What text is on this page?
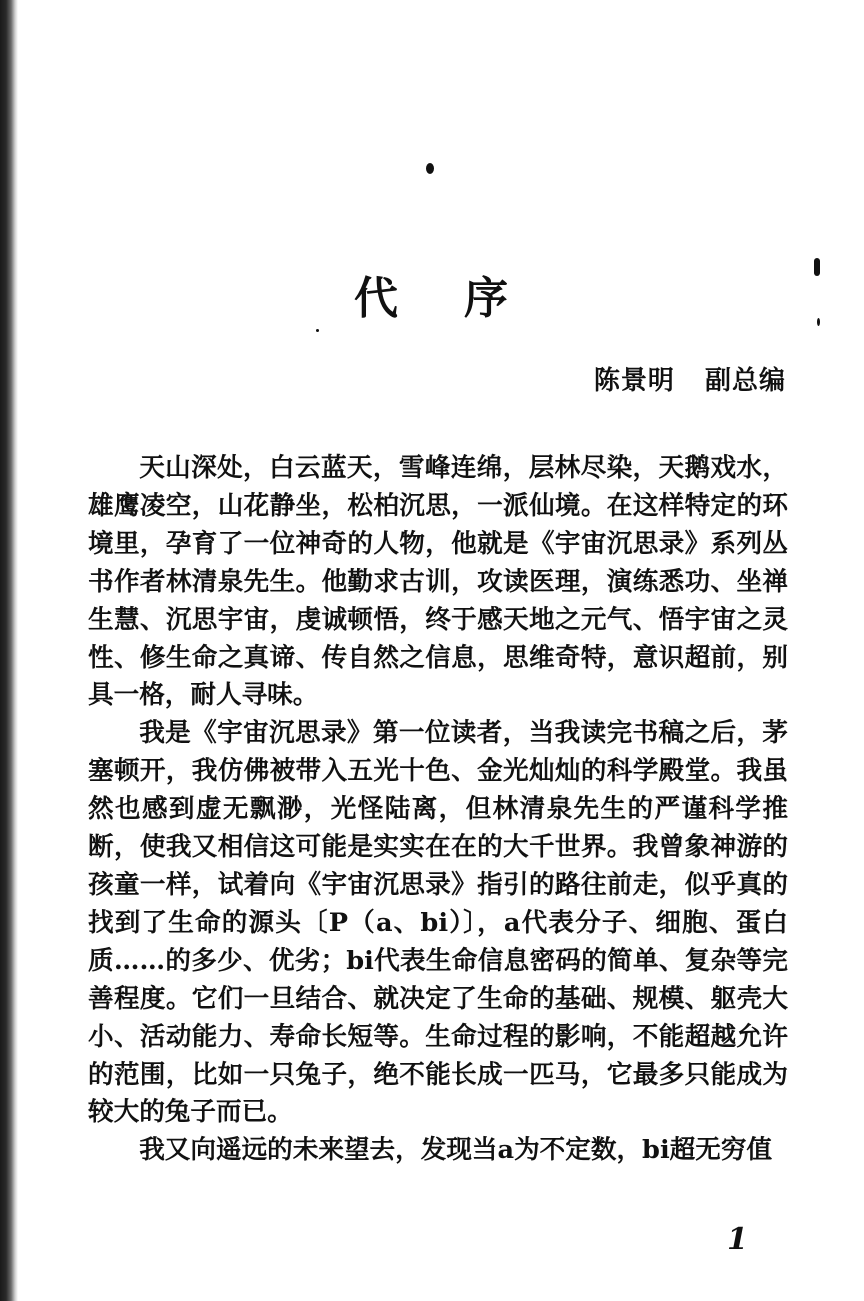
代 序
陈景明   副总编

天山深处，白云蓝天，雪峰连绵，层林尽染，天鹅戏水，雄鹰凌空，山花静坐，松柏沉思，一派仙境。在这样特定的环境里，孕育了一位神奇的人物，他就是《宇宙沉思录》系列丛书作者林清泉先生。他勤求古训，攻读医理，演练悉功、坐禅生慧、沉思宇宙，虔诚顿悟，终于感天地之元气、悟宇宙之灵性、修生命之真谛、传自然之信息，思维奇特，意识超前，别具一格，耐人寻味。

我是《宇宙沉思录》第一位读者，当我读完书稿之后，茅塞顿开，我仿佛被带入五光十色、金光灿灿的科学殿堂。我虽然也感到虚无飘渺，光怪陆离，但林清泉先生的严谨科学推断，使我又相信这可能是实实在在的大千世界。我曾象神游的孩童一样，试着向《宇宙沉思录》指引的路往前走，似乎真的找到了生命的源头〔P（a、bi）〕，a代表分子、细胞、蛋白质……的多少、优劣；bi代表生命信息密码的简单、复杂等完善程度。它们一旦结合、就决定了生命的基础、规模、躯壳大小、活动能力、寿命长短等。生命过程的影响，不能超越允许的范围，比如一只兔子，绝不能长成一匹马，它最多只能成为较大的兔子而已。

我又向遥远的未来望去，发现当a为不定数，bi超无穷值

1
